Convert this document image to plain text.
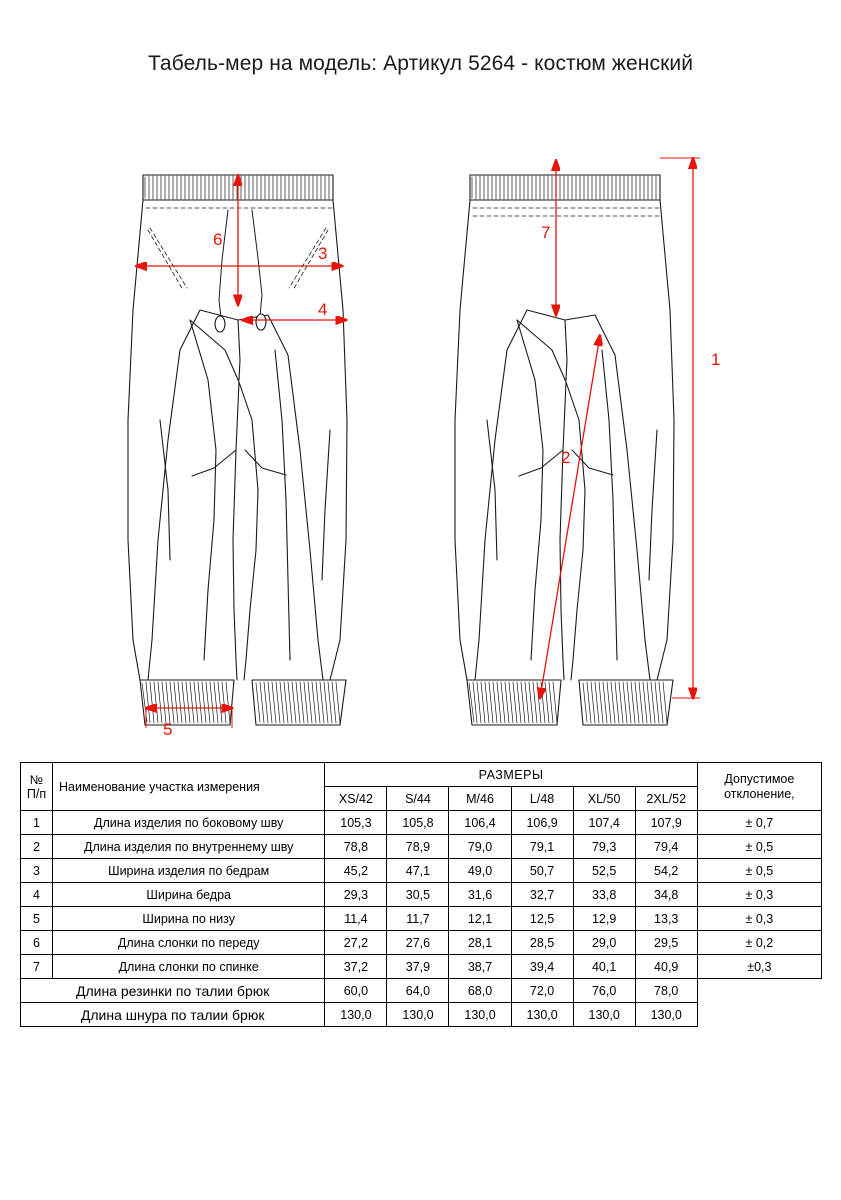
Табель-мер на модель: Артикул 5264 - костюм женский
6
3
4
5
7
2
1
№
П/п	Наименование участка измерения	РАЗМЕРЫ	Допустимое
отклонение,

		XS/42	S/44	M/46	L/48	XL/50	2XL/52	
1	Длина изделия по боковому шву	105,3	105,8	106,4	106,9	107,4	107,9	± 0,7
2	Длина изделия по внутреннему шву	78,8	78,9	79,0	79,1	79,3	79,4	± 0,5
3	Ширина изделия по бедрам	45,2	47,1	49,0	50,7	52,5	54,2	± 0,5
4	Ширина бедра	29,3	30,5	31,6	32,7	33,8	34,8	± 0,3
5	Ширина по низу	11,4	11,7	12,1	12,5	12,9	13,3	± 0,3
6	Длина слонки по переду	27,2	27,6	28,1	28,5	29,0	29,5	± 0,2
7	Длина слонки по спинке	37,2	37,9	38,7	39,4	40,1	40,9	±0,3
Длина резинки по талии брюк		60,0	64,0	68,0	72,0	76,0	78,0	
Длина шнура по талии брюк		130,0	130,0	130,0	130,0	130,0	130,0	
